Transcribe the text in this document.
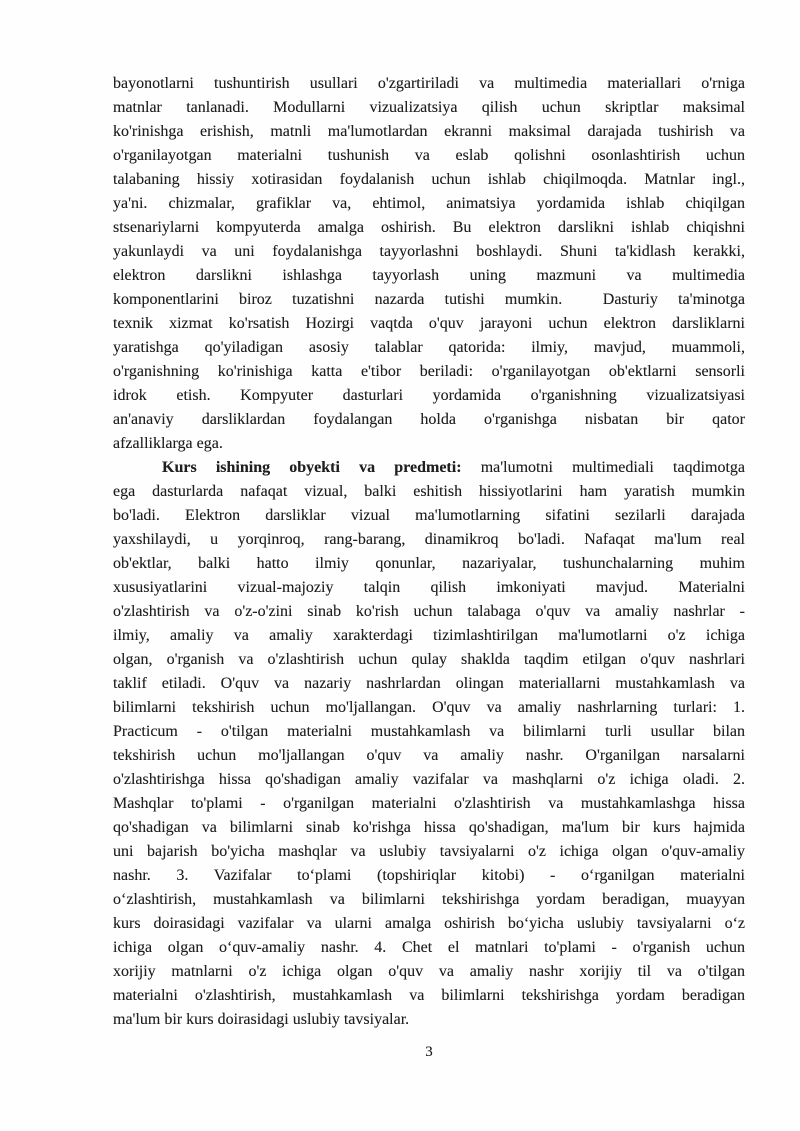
bayonotlarni tushuntirish usullari o'zgartiriladi va multimedia materiallari o'rniga
matnlar tanlanadi. Modullarni vizualizatsiya qilish uchun skriptlar maksimal
ko'rinishga erishish, matnli ma'lumotlardan ekranni maksimal darajada tushirish va
o'rganilayotgan materialni tushunish va eslab qolishni osonlashtirish uchun
talabaning hissiy xotirasidan foydalanish uchun ishlab chiqilmoqda. Matnlar ingl.,
ya'ni. chizmalar, grafiklar va, ehtimol, animatsiya yordamida ishlab chiqilgan
stsenariylarni kompyuterda amalga oshirish. Bu elektron darslikni ishlab chiqishni
yakunlaydi va uni foydalanishga tayyorlashni boshlaydi. Shuni ta'kidlash kerakki,
elektron darslikni ishlashga tayyorlash uning mazmuni va multimedia
komponentlarini biroz tuzatishni nazarda tutishi mumkin.  Dasturiy ta'minotga
texnik xizmat ko'rsatish Hozirgi vaqtda o'quv jarayoni uchun elektron darsliklarni
yaratishga qo'yiladigan asosiy talablar qatorida: ilmiy, mavjud, muammoli,
o'rganishning ko'rinishiga katta e'tibor beriladi: o'rganilayotgan ob'ektlarni sensorli
idrok etish. Kompyuter dasturlari yordamida o'rganishning vizualizatsiyasi
an'anaviy darsliklardan foydalangan holda o'rganishga nisbatan bir qator
afzalliklarga ega.
Kurs ishining obyekti va predmeti: ma'lumotni multimediali taqdimotga
ega dasturlarda nafaqat vizual, balki eshitish hissiyotlarini ham yaratish mumkin
bo'ladi. Elektron darsliklar vizual ma'lumotlarning sifatini sezilarli darajada
yaxshilaydi, u yorqinroq, rang-barang, dinamikroq bo'ladi. Nafaqat ma'lum real
ob'ektlar, balki hatto ilmiy qonunlar, nazariyalar, tushunchalarning muhim
xususiyatlarini vizual-majoziy talqin qilish imkoniyati mavjud. Materialni
o'zlashtirish va o'z-o'zini sinab ko'rish uchun talabaga o'quv va amaliy nashrlar -
ilmiy, amaliy va amaliy xarakterdagi tizimlashtirilgan ma'lumotlarni o'z ichiga
olgan, o'rganish va o'zlashtirish uchun qulay shaklda taqdim etilgan o'quv nashrlari
taklif etiladi. O'quv va nazariy nashrlardan olingan materiallarni mustahkamlash va
bilimlarni tekshirish uchun mo'ljallangan. O'quv va amaliy nashrlarning turlari: 1.
Practicum - o'tilgan materialni mustahkamlash va bilimlarni turli usullar bilan
tekshirish uchun mo'ljallangan o'quv va amaliy nashr. O'rganilgan narsalarni
o'zlashtirishga hissa qo'shadigan amaliy vazifalar va mashqlarni o'z ichiga oladi. 2.
Mashqlar to'plami - o'rganilgan materialni o'zlashtirish va mustahkamlashga hissa
qo'shadigan va bilimlarni sinab ko'rishga hissa qo'shadigan, ma'lum bir kurs hajmida
uni bajarish bo'yicha mashqlar va uslubiy tavsiyalarni o'z ichiga olgan o'quv-amaliy
nashr. 3. Vazifalar to‘plami (topshiriqlar kitobi) - o‘rganilgan materialni
o‘zlashtirish, mustahkamlash va bilimlarni tekshirishga yordam beradigan, muayyan
kurs doirasidagi vazifalar va ularni amalga oshirish bo‘yicha uslubiy tavsiyalarni o‘z
ichiga olgan o‘quv-amaliy nashr. 4. Chet el matnlari to'plami - o'rganish uchun
xorijiy matnlarni o'z ichiga olgan o'quv va amaliy nashr xorijiy til va o'tilgan
materialni o'zlashtirish, mustahkamlash va bilimlarni tekshirishga yordam beradigan
ma'lum bir kurs doirasidagi uslubiy tavsiyalar.
3
